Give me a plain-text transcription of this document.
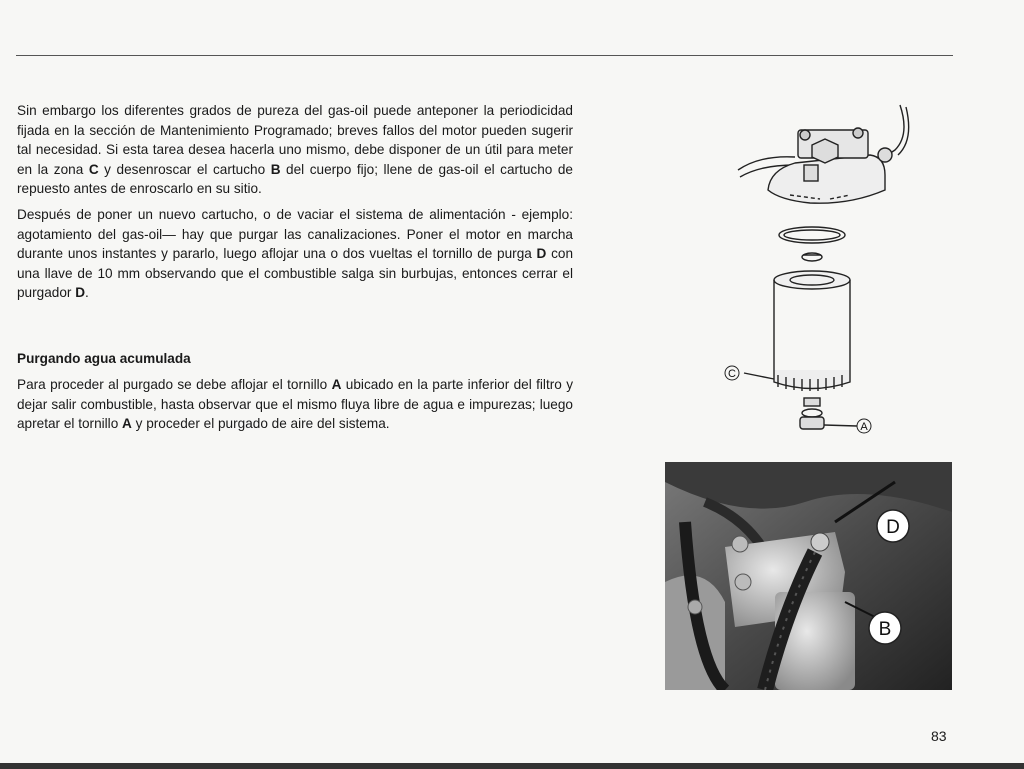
Sin embargo los diferentes grados de pureza del gas-oil puede anteponer la periodicidad fijada en la sección de Mantenimiento Programado; breves fallos del motor pueden sugerir tal necesidad. Si esta tarea desea hacerla uno mismo, debe disponer de un útil para meter en la zona C y desenroscar el cartucho B del cuerpo fijo; llene de gas-oil el cartucho de repuesto antes de enroscarlo en su sitio.

Después de poner un nuevo cartucho, o de vaciar el sistema de alimentación - ejemplo: agotamiento del gas-oil— hay que purgar las canalizaciones. Poner el motor en marcha durante unos instantes y pararlo, luego aflojar una o dos vueltas el tornillo de purga D con una llave de 10 mm observando que el combustible salga sin burbujas, entonces cerrar el purgador D.

Purgando agua acumulada

Para proceder al purgado se debe aflojar el tornillo A ubicado en la parte inferior del filtro y dejar salir combustible, hasta observar que el mismo fluya libre de agua e impurezas; luego apretar el tornillo A y proceder el purgado de aire del sistema.

C
A
D
B
83
